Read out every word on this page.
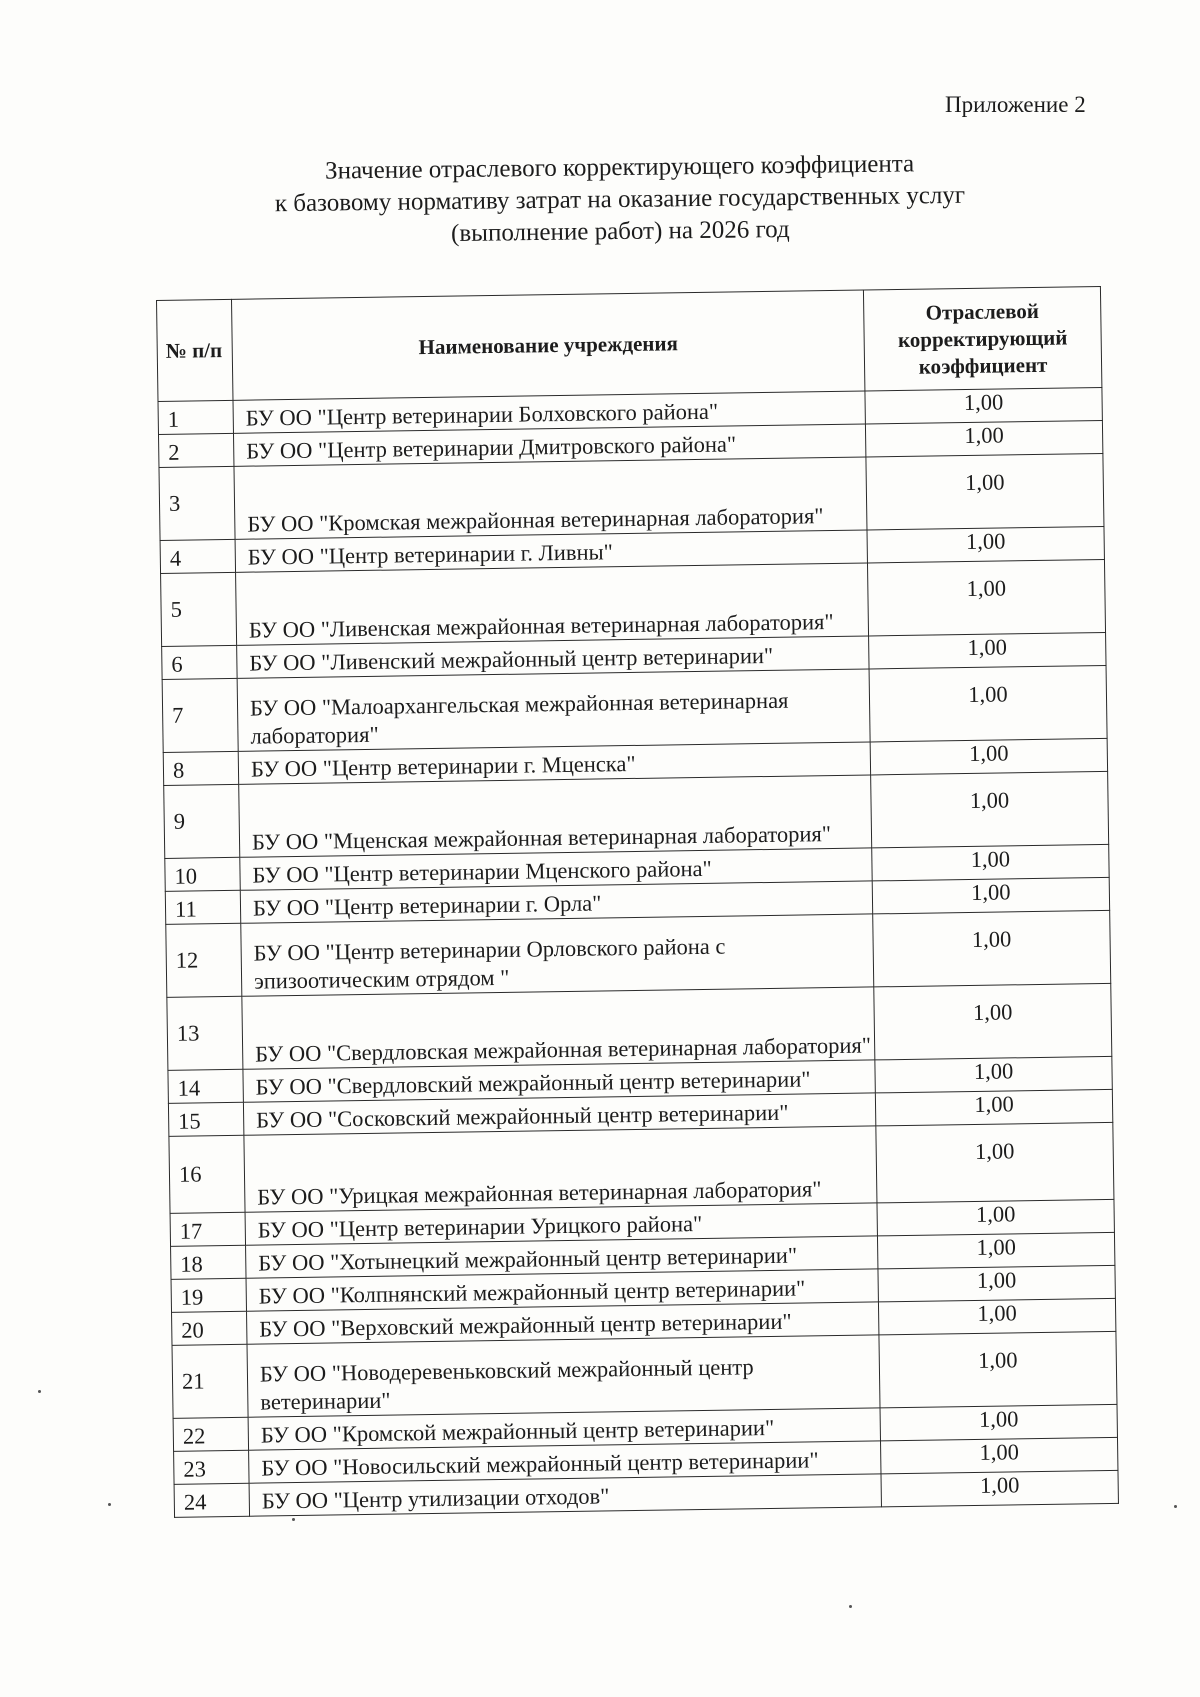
Приложение 2
Значение отраслевого корректирующего коэффициента
к базовому нормативу затрат на оказание государственных услуг
(выполнение работ) на 2026 год
№ п/п	Наименование учреждения	Отраслевой корректирующий коэффициент
1	БУ ОО "Центр ветеринарии Болховского района"	1,00
2	БУ ОО "Центр ветеринарии Дмитровского района"	1,00
3	БУ ОО "Кромская межрайонная ветеринарная лаборатория"	1,00
4	БУ ОО "Центр ветеринарии г. Ливны"	1,00
5	БУ ОО "Ливенская межрайонная ветеринарная лаборатория"	1,00
6	БУ ОО "Ливенский межрайонный центр ветеринарии"	1,00
7	БУ ОО "Малоархангельская межрайонная ветеринарная лаборатория"	1,00
8	БУ ОО "Центр ветеринарии г. Мценска"	1,00
9	БУ ОО "Мценская межрайонная ветеринарная лаборатория"	1,00
10	БУ ОО "Центр ветеринарии Мценского района"	1,00
11	БУ ОО "Центр ветеринарии г. Орла"	1,00
12	БУ ОО "Центр ветеринарии Орловского района с эпизоотическим отрядом "	1,00
13	БУ ОО "Свердловская межрайонная ветеринарная лаборатория"	1,00
14	БУ ОО "Свердловский межрайонный центр ветеринарии"	1,00
15	БУ ОО "Сосковский межрайонный центр ветеринарии"	1,00
16	БУ ОО "Урицкая межрайонная ветеринарная лаборатория"	1,00
17	БУ ОО "Центр ветеринарии Урицкого района"	1,00
18	БУ ОО "Хотынецкий межрайонный центр ветеринарии"	1,00
19	БУ ОО "Колпнянский межрайонный центр ветеринарии"	1,00
20	БУ ОО "Верховский межрайонный центр ветеринарии"	1,00
21	БУ ОО "Новодеревеньковский межрайонный центр ветеринарии"	1,00
22	БУ ОО "Кромской межрайонный центр ветеринарии"	1,00
23	БУ ОО "Новосильский межрайонный центр ветеринарии"	1,00
24	БУ ОО "Центр утилизации отходов"	1,00
